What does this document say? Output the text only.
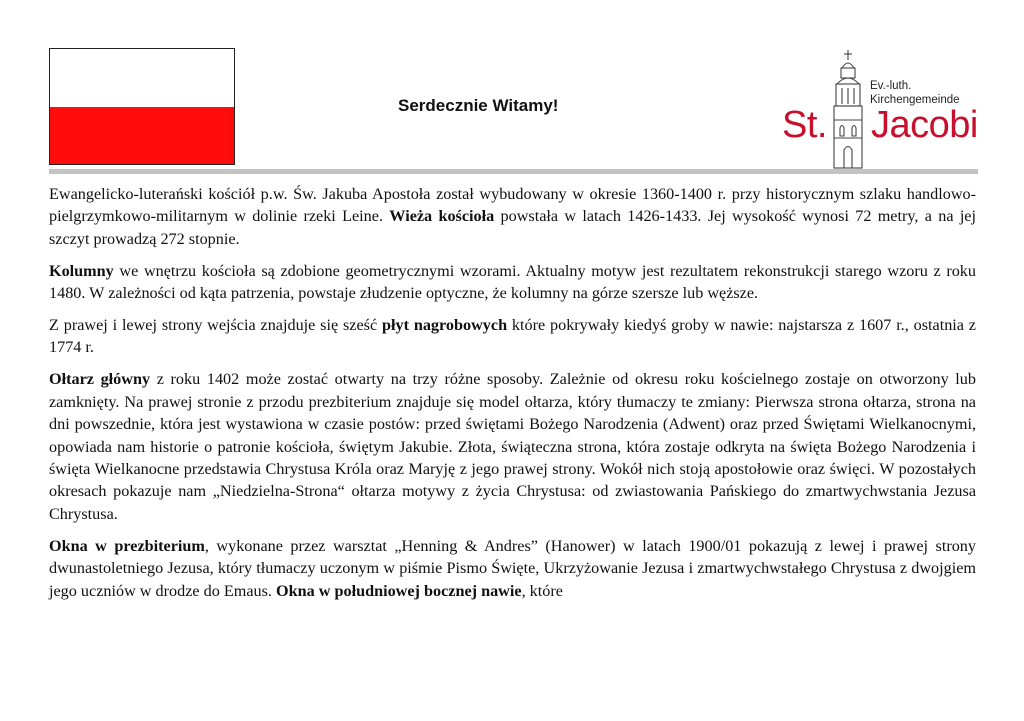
Serdecznie Witamy!
Ev.-luth.
Kirchengemeinde
St. Jacobi

Ewangelicko-luterański kościół p.w. Św. Jakuba Apostoła został wybudowany w okresie 1360-1400 r. przy historycznym szlaku handlowo-pielgrzymkowo-militarnym w dolinie rzeki Leine. Wieża kościoła powstała w latach 1426-1433. Jej wysokość wynosi 72 metry, a na jej szczyt prowadzą 272 stopnie.

Kolumny we wnętrzu kościoła są zdobione geometrycznymi wzorami. Aktualny motyw jest rezultatem rekonstrukcji starego wzoru z roku 1480. W zależności od kąta patrzenia, powstaje złudzenie optyczne, że kolumny na górze szersze lub węższe.

Z prawej i lewej strony wejścia znajduje się sześć płyt nagrobowych które pokrywały kiedyś groby w nawie: najstarsza z 1607 r., ostatnia z 1774 r.

Ołtarz główny z roku 1402 może zostać otwarty na trzy różne sposoby. Zależnie od okresu roku kościelnego zostaje on otworzony lub zamknięty. Na prawej stronie z przodu prezbiterium znajduje się model ołtarza, który tłumaczy te zmiany: Pierwsza strona ołtarza, strona na dni powszednie, która jest wystawiona w czasie postów: przed świętami Bożego Narodzenia (Adwent) oraz przed Świętami Wielkanocnymi, opowiada nam historie o patronie kościoła, świętym Jakubie. Złota, świąteczna strona, która zostaje odkryta na święta Bożego Narodzenia i święta Wielkanocne przedstawia Chrystusa Króla oraz Maryję z jego prawej strony. Wokół nich stoją apostołowie oraz święci. W pozostałych okresach pokazuje nam „Niedzielna-Strona“ ołtarza motywy z życia Chrystusa: od zwiastowania Pańskiego do zmartwychwstania Jezusa Chrystusa.

Okna w prezbiterium, wykonane przez warsztat „Henning & Andres” (Hanower) w latach 1900/01 pokazują z lewej i prawej strony dwunastoletniego Jezusa, który tłumaczy uczonym w piśmie Pismo Święte, Ukrzyżowanie Jezusa i zmartwychwstałego Chrystusa z dwojgiem jego uczniów w drodze do Emaus. Okna w południowej bocznej nawie, które
